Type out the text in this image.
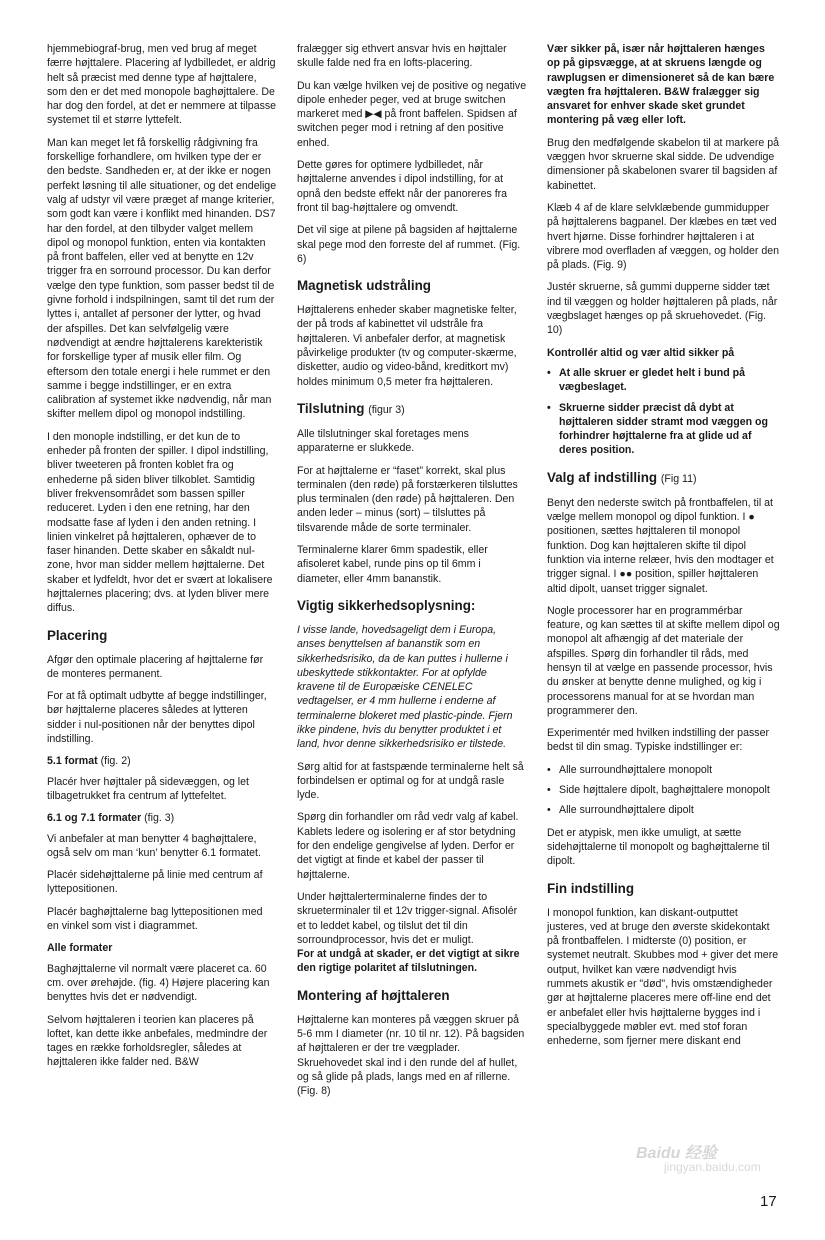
hjemmebiograf-brug, men ved brug af meget færre højttalere. Placering af lydbilledet, er aldrig helt så præcist med denne type af højttalere, som den er det med monopole baghøjttalere. De har dog den fordel, at det er nemmere at tilpasse systemet til et større lyttefelt.

Man kan meget let få forskellig rådgivning fra forskellige forhandlere, om hvilken type der er den bedste. Sandheden er, at der ikke er nogen perfekt løsning til alle situationer, og det endelige valg af udstyr vil være præget af mange kriterier, som godt kan være i konflikt med hinanden. DS7 har den fordel, at den tilbyder valget mellem dipol og monopol funktion, enten via kontakten på front baffelen, eller ved at benytte en 12v trigger fra en sorround processor. Du kan derfor vælge den type funktion, som passer bedst til de givne forhold i indspilningen, samt til det rum der lyttes i, antallet af personer der lytter, og hvad der afspilles. Det kan selvfølgelig være nødvendigt at ændre højttalerens karekteristik for forskellige typer af musik eller film. Og eftersom den totale energi i hele rummet er den samme i begge indstillinger, er en extra calibration af systemet ikke nødvendig, når man skifter mellem dipol og monopol indstilling.

I den monople indstilling, er det kun de to enheder på fronten der spiller. I dipol indstilling, bliver tweeteren på fronten koblet fra og enhederne på siden bliver tilkoblet. Samtidig bliver frekvensområdet som bassen spiller reduceret. Lyden i den ene retning, har den modsatte fase af lyden i den anden retning. I linien vinkelret på højttaleren, ophæver de to faser hinanden. Dette skaber en såkaldt nul-zone, hvor man sidder mellem højttalerne. Det skaber et lydfeldt, hvor det er svært at lokalisere højttalernes placering; dvs. at lyden bliver mere diffus.

Placering

Afgør den optimale placering af højttalerne før de monteres permanent.

For at få optimalt udbytte af begge indstillinger, bør højttalerne placeres således at lytteren sidder i nul-positionen når der benyttes dipol indstilling.

5.1 format (fig. 2)

Placér hver højttaler på sidevæggen, og let tilbagetrukket fra centrum af lyttefeltet.

6.1 og 7.1 formater (fig. 3)

Vi anbefaler at man benytter 4 baghøjttalere, også selv om man ‘kun’ benytter 6.1 formatet.

Placér sidehøjttalerne på linie med centrum af lyttepositionen.

Placér baghøjttalerne bag lyttepositionen med en vinkel som vist i diagrammet.

Alle formater

Baghøjttalerne vil normalt være placeret ca. 60 cm. over ørehøjde. (fig. 4) Højere placering kan benyttes hvis det er nødvendigt.

Selvom højttaleren i teorien kan placeres på loftet, kan dette ikke anbefales, medmindre der tages en række forholdsregler, således at højttaleren ikke falder ned. B&W

fralægger sig ethvert ansvar hvis en højttaler skulle falde ned fra en lofts-placering.

Du kan vælge hvilken vej de positive og negative dipole enheder peger, ved at bruge switchen markeret med ▶◀ på front baffelen. Spidsen af switchen peger mod i retning af den positive enhed.

Dette gøres for optimere lydbilledet, når højttalerne anvendes i dipol indstilling, for at opnå den bedste effekt når der panoreres fra front til bag-højttalere og omvendt.

Det vil sige at pilene på bagsiden af højttalerne skal pege mod den forreste del af rummet. (Fig. 6)

Magnetisk udstråling

Højttalerens enheder skaber magnetiske felter, der på trods af kabinettet vil udstråle fra højttaleren. Vi anbefaler derfor, at magnetisk påvirkelige produkter (tv og computer-skærme, disketter, audio og video-bånd, kreditkort mv) holdes minimum 0,5 meter fra højttaleren.

Tilslutning (figur 3)

Alle tilslutninger skal foretages mens apparaterne er slukkede.

For at højttalerne er “faset” korrekt, skal plus terminalen (den røde) på forstærkeren tilsluttes plus terminalen (den røde) på højttaleren. Den anden leder – minus (sort) – tilsluttes på tilsvarende måde de sorte terminaler.

Terminalerne klarer 6mm spadestik, eller afisoleret kabel, runde pins op til 6mm i diameter, eller 4mm bananstik.

Vigtig sikkerhedsoplysning:

I visse lande, hovedsageligt dem i Europa, anses benyttelsen af bananstik som en sikkerhedsrisiko, da de kan puttes i hullerne i ubeskyttede stikkontakter. For at opfylde kravene til de Europæiske CENELEC vedtagelser, er 4 mm hullerne i enderne af terminalerne blokeret med plastic-pinde. Fjern ikke pindene, hvis du benytter produktet i et land, hvor denne sikkerhedsrisiko er tilstede.

Sørg altid for at fastspænde terminalerne helt så forbindelsen er optimal og for at undgå rasle lyde.

Spørg din forhandler om råd vedr valg af kabel. Kablets ledere og isolering er af stor betydning for den endelige gengivelse af lyden. Derfor er det vigtigt at finde et kabel der passer til højttalerne.

Under højttalerterminalerne findes der to skrueterminaler til et 12v trigger-signal. Afisolér et to leddet kabel, og tilslut det til din sorroundprocessor, hvis det er muligt.
For at undgå at skader, er det vigtigt at sikre den rigtige polaritet af tilslutningen.

Montering af højttaleren

Højttalerne kan monteres på væggen skruer på 5-6 mm I diameter (nr. 10 til nr. 12). På bagsiden af højttaleren er der tre vægplader. Skruehovedet skal ind i den runde del af hullet, og så glide på plads, langs med en af rillerne. (Fig. 8)

Vær sikker på, især når højttaleren hænges op på gipsvægge, at at skruens længde og rawplugsen er dimensioneret så de kan bære vægten fra højttaleren. B&W fralægger sig ansvaret for enhver skade sket grundet montering på væg eller loft.

Brug den medfølgende skabelon til at markere på væggen hvor skruerne skal sidde. De udvendige dimensioner på skabelonen svarer til bagsiden af kabinettet.

Klæb 4 af de klare selvklæbende gummidupper på højttalerens bagpanel. Der klæbes en tæt ved hvert hjørne. Disse forhindrer højttaleren i at vibrere mod overfladen af væggen, og holder den på plads. (Fig. 9)

Justér skruerne, så gummi dupperne sidder tæt ind til væggen og holder højttaleren på plads, når vægbslaget hænges op på skruehovedet. (Fig. 10)

Kontrollér altid og vær altid sikker på
• At alle skruer er gledet helt i bund på vægbeslaget.
• Skruerne sidder præcist då dybt at højttaleren sidder stramt mod væggen og forhindrer højttalerne fra at glide ud af deres position.
Valg af indstilling (Fig 11)

Benyt den nederste switch på frontbaffelen, til at vælge mellem monopol og dipol funktion. I ● positionen, sættes højttaleren til monopol funktion. Dog kan højttaleren skifte til dipol funktion via interne relæer, hvis den modtager et trigger signal. I ●● position, spiller højttaleren altid dipolt, uanset trigger signalet.

Nogle processorer har en programmérbar feature, og kan sættes til at skifte mellem dipol og monopol alt afhængig af det materiale der afspilles. Spørg din forhandler til råds, med hensyn til at vælge en passende processor, hvis du ønsker at benytte denne mulighed, og kig i processorens manual for at se hvordan man programmerer den.

Experimentér med hvilken indstilling der passer bedst til din smag. Typiske indstillinger er:

• Alle surroundhøjttalere monopolt
• Side højttalere dipolt, baghøjttalere monopolt
• Alle surroundhøjttalere dipolt

Det er atypisk, men ikke umuligt, at sætte sidehøjttalerne til monopolt og baghøjttalerne til dipolt.

Fin indstilling

I monopol funktion, kan diskant-outputtet justeres, ved at bruge den øverste skidekontakt på frontbaffelen. I midterste (0) position, er systemet neutralt. Skubbes mod + giver det mere output, hvilket kan være nødvendigt hvis rummets akustik er "død", hvis omstændigheder gør at højttalerne placeres mere off-line end det er anbefalet eller hvis højttalerne bygges ind i specialbyggede møbler evt. med stof foran enhederne, som fjerner mere diskant end

Baidu 经验
jingyan.baidu.com
17
